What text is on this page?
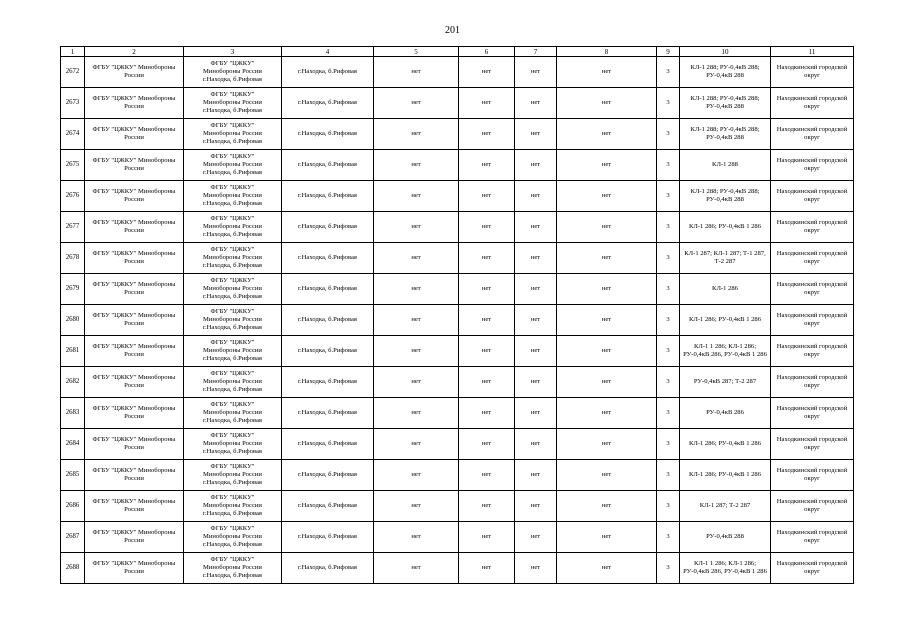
201
1	2	3	4	5	6	7	8	9	10	11
2672	ФГБУ "ЦЖКУ" Минобороны России	ФГБУ "ЦЖКУ"
Минобороны России
г.Находка, б.Рифовая	г.Находка, б.Рифовая	нет	нет	нет	нет	3	КЛ-1 288; РУ-0,4кВ 288; РУ-0,4кВ 288	Находкинский городской округ
2673	ФГБУ "ЦЖКУ" Минобороны России	ФГБУ "ЦЖКУ"
Минобороны России
г.Находка, б.Рифовая	г.Находка, б.Рифовая	нет	нет	нет	нет	3	КЛ-1 288; РУ-0,4кВ 288; РУ-0,4кВ 288	Находкинский городской округ
2674	ФГБУ "ЦЖКУ" Минобороны России	ФГБУ "ЦЖКУ"
Минобороны России
г.Находка, б.Рифовая	г.Находка, б.Рифовая	нет	нет	нет	нет	3	КЛ-1 288; РУ-0,4кВ 288; РУ-0,4кВ 288	Находкинский городской округ
2675	ФГБУ "ЦЖКУ" Минобороны России	ФГБУ "ЦЖКУ"
Минобороны России
г.Находка, б.Рифовая	г.Находка, б.Рифовая	нет	нет	нет	нет	3	КЛ-1 288	Находкинский городской округ
2676	ФГБУ "ЦЖКУ" Минобороны России	ФГБУ "ЦЖКУ"
Минобороны России
г.Находка, б.Рифовая	г.Находка, б.Рифовая	нет	нет	нет	нет	3	КЛ-1 288; РУ-0,4кВ 288; РУ-0,4кВ 288	Находкинский городской округ
2677	ФГБУ "ЦЖКУ" Минобороны России	ФГБУ "ЦЖКУ"
Минобороны России
г.Находка, б.Рифовая	г.Находка, б.Рифовая	нет	нет	нет	нет	3	КЛ-1 286; РУ-0,4кВ 1 286	Находкинский городской округ
2678	ФГБУ "ЦЖКУ" Минобороны России	ФГБУ "ЦЖКУ"
Минобороны России
г.Находка, б.Рифовая	г.Находка, б.Рифовая	нет	нет	нет	нет	3	КЛ-1 287; КЛ-1 287; Т-1 287, Т-2 287	Находкинский городской округ
2679	ФГБУ "ЦЖКУ" Минобороны России	ФГБУ "ЦЖКУ"
Минобороны России
г.Находка, б.Рифовая	г.Находка, б.Рифовая	нет	нет	нет	нет	3	КЛ-1 286	Находкинский городской округ
2680	ФГБУ "ЦЖКУ" Минобороны России	ФГБУ "ЦЖКУ"
Минобороны России
г.Находка, б.Рифовая	г.Находка, б.Рифовая	нет	нет	нет	нет	3	КЛ-1 286; РУ-0,4кВ 1 286	Находкинский городской округ
2681	ФГБУ "ЦЖКУ" Минобороны России	ФГБУ "ЦЖКУ"
Минобороны России
г.Находка, б.Рифовая	г.Находка, б.Рифовая	нет	нет	нет	нет	3	КЛ-1 1 286; КЛ-1 286; РУ-0,4кВ 286, РУ-0,4кВ 1 286	Находкинский городской округ
2682	ФГБУ "ЦЖКУ" Минобороны России	ФГБУ "ЦЖКУ"
Минобороны России
г.Находка, б.Рифовая	г.Находка, б.Рифовая	нет	нет	нет	нет	3	РУ-0,4кВ 287; Т-2 287	Находкинский городской округ
2683	ФГБУ "ЦЖКУ" Минобороны России	ФГБУ "ЦЖКУ"
Минобороны России
г.Находка, б.Рифовая	г.Находка, б.Рифовая	нет	нет	нет	нет	3	РУ-0,4кВ 286	Находкинский городской округ
2684	ФГБУ "ЦЖКУ" Минобороны России	ФГБУ "ЦЖКУ"
Минобороны России
г.Находка, б.Рифовая	г.Находка, б.Рифовая	нет	нет	нет	нет	3	КЛ-1 286; РУ-0,4кВ 1 286	Находкинский городской округ
2685	ФГБУ "ЦЖКУ" Минобороны России	ФГБУ "ЦЖКУ"
Минобороны России
г.Находка, б.Рифовая	г.Находка, б.Рифовая	нет	нет	нет	нет	3	КЛ-1 286; РУ-0,4кВ 1 286	Находкинский городской округ
2686	ФГБУ "ЦЖКУ" Минобороны России	ФГБУ "ЦЖКУ"
Минобороны России
г.Находка, б.Рифовая	г.Находка, б.Рифовая	нет	нет	нет	нет	3	КЛ-1 287; Т-2 287	Находкинский городской округ
2687	ФГБУ "ЦЖКУ" Минобороны России	ФГБУ "ЦЖКУ"
Минобороны России
г.Находка, б.Рифовая	г.Находка, б.Рифовая	нет	нет	нет	нет	3	РУ-0,4кВ 288	Находкинский городской округ
2688	ФГБУ "ЦЖКУ" Минобороны России	ФГБУ "ЦЖКУ"
Минобороны России
г.Находка, б.Рифовая	г.Находка, б.Рифовая	нет	нет	нет	нет	3	КЛ-1 1 286; КЛ-1 286; РУ-0,4кВ 286, РУ-0,4кВ 1 286	Находкинский городской округ
